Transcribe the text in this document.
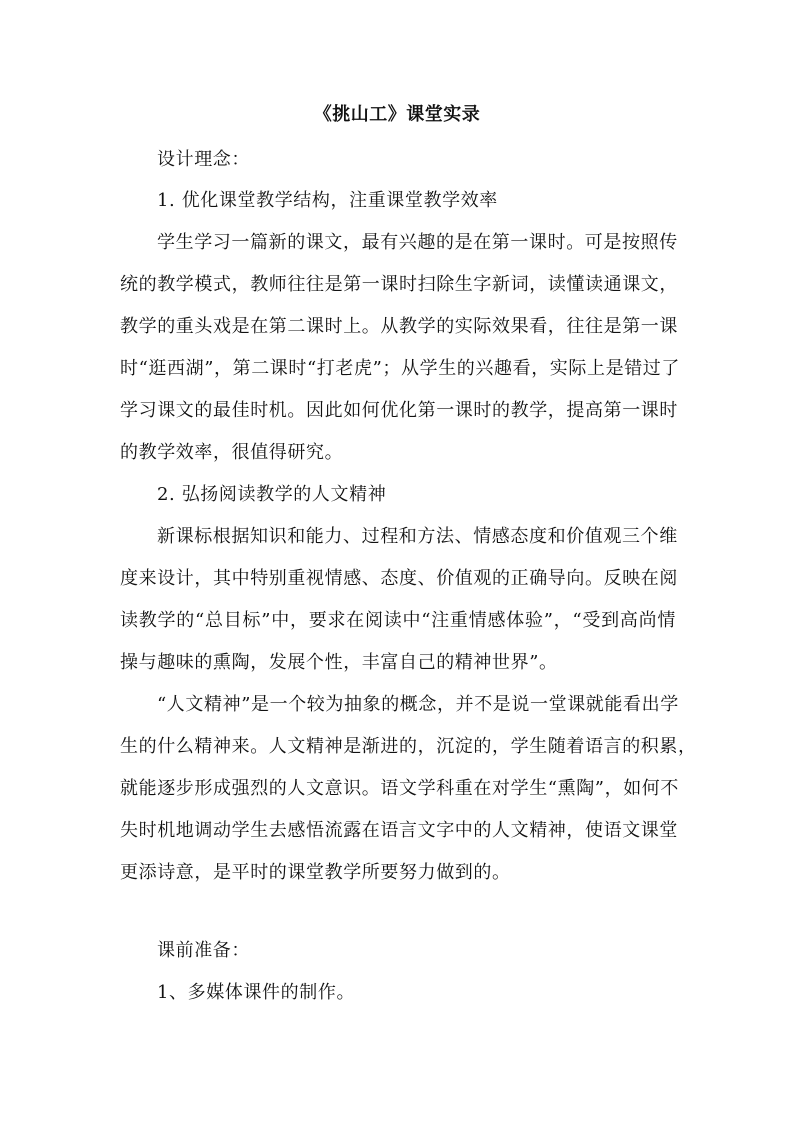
《挑山工》课堂实录
设计理念：
1. 优化课堂教学结构，注重课堂教学效率
学生学习一篇新的课文，最有兴趣的是在第一课时。可是按照传
统的教学模式，教师往往是第一课时扫除生字新词，读懂读通课文，
教学的重头戏是在第二课时上。从教学的实际效果看，往往是第一课
时“逛西湖”，第二课时“打老虎”；从学生的兴趣看，实际上是错过了
学习课文的最佳时机。因此如何优化第一课时的教学，提高第一课时
的教学效率，很值得研究。
2. 弘扬阅读教学的人文精神
新课标根据知识和能力、过程和方法、情感态度和价值观三个维
度来设计，其中特别重视情感、态度、价值观的正确导向。反映在阅
读教学的“总目标”中，要求在阅读中“注重情感体验”，“受到高尚情
操与趣味的熏陶，发展个性，丰富自己的精神世界”。
“人文精神”是一个较为抽象的概念，并不是说一堂课就能看出学
生的什么精神来。人文精神是渐进的，沉淀的，学生随着语言的积累，
就能逐步形成强烈的人文意识。语文学科重在对学生“熏陶”，如何不
失时机地调动学生去感悟流露在语言文字中的人文精神，使语文课堂
更添诗意，是平时的课堂教学所要努力做到的。
课前准备：
1、多媒体课件的制作。
